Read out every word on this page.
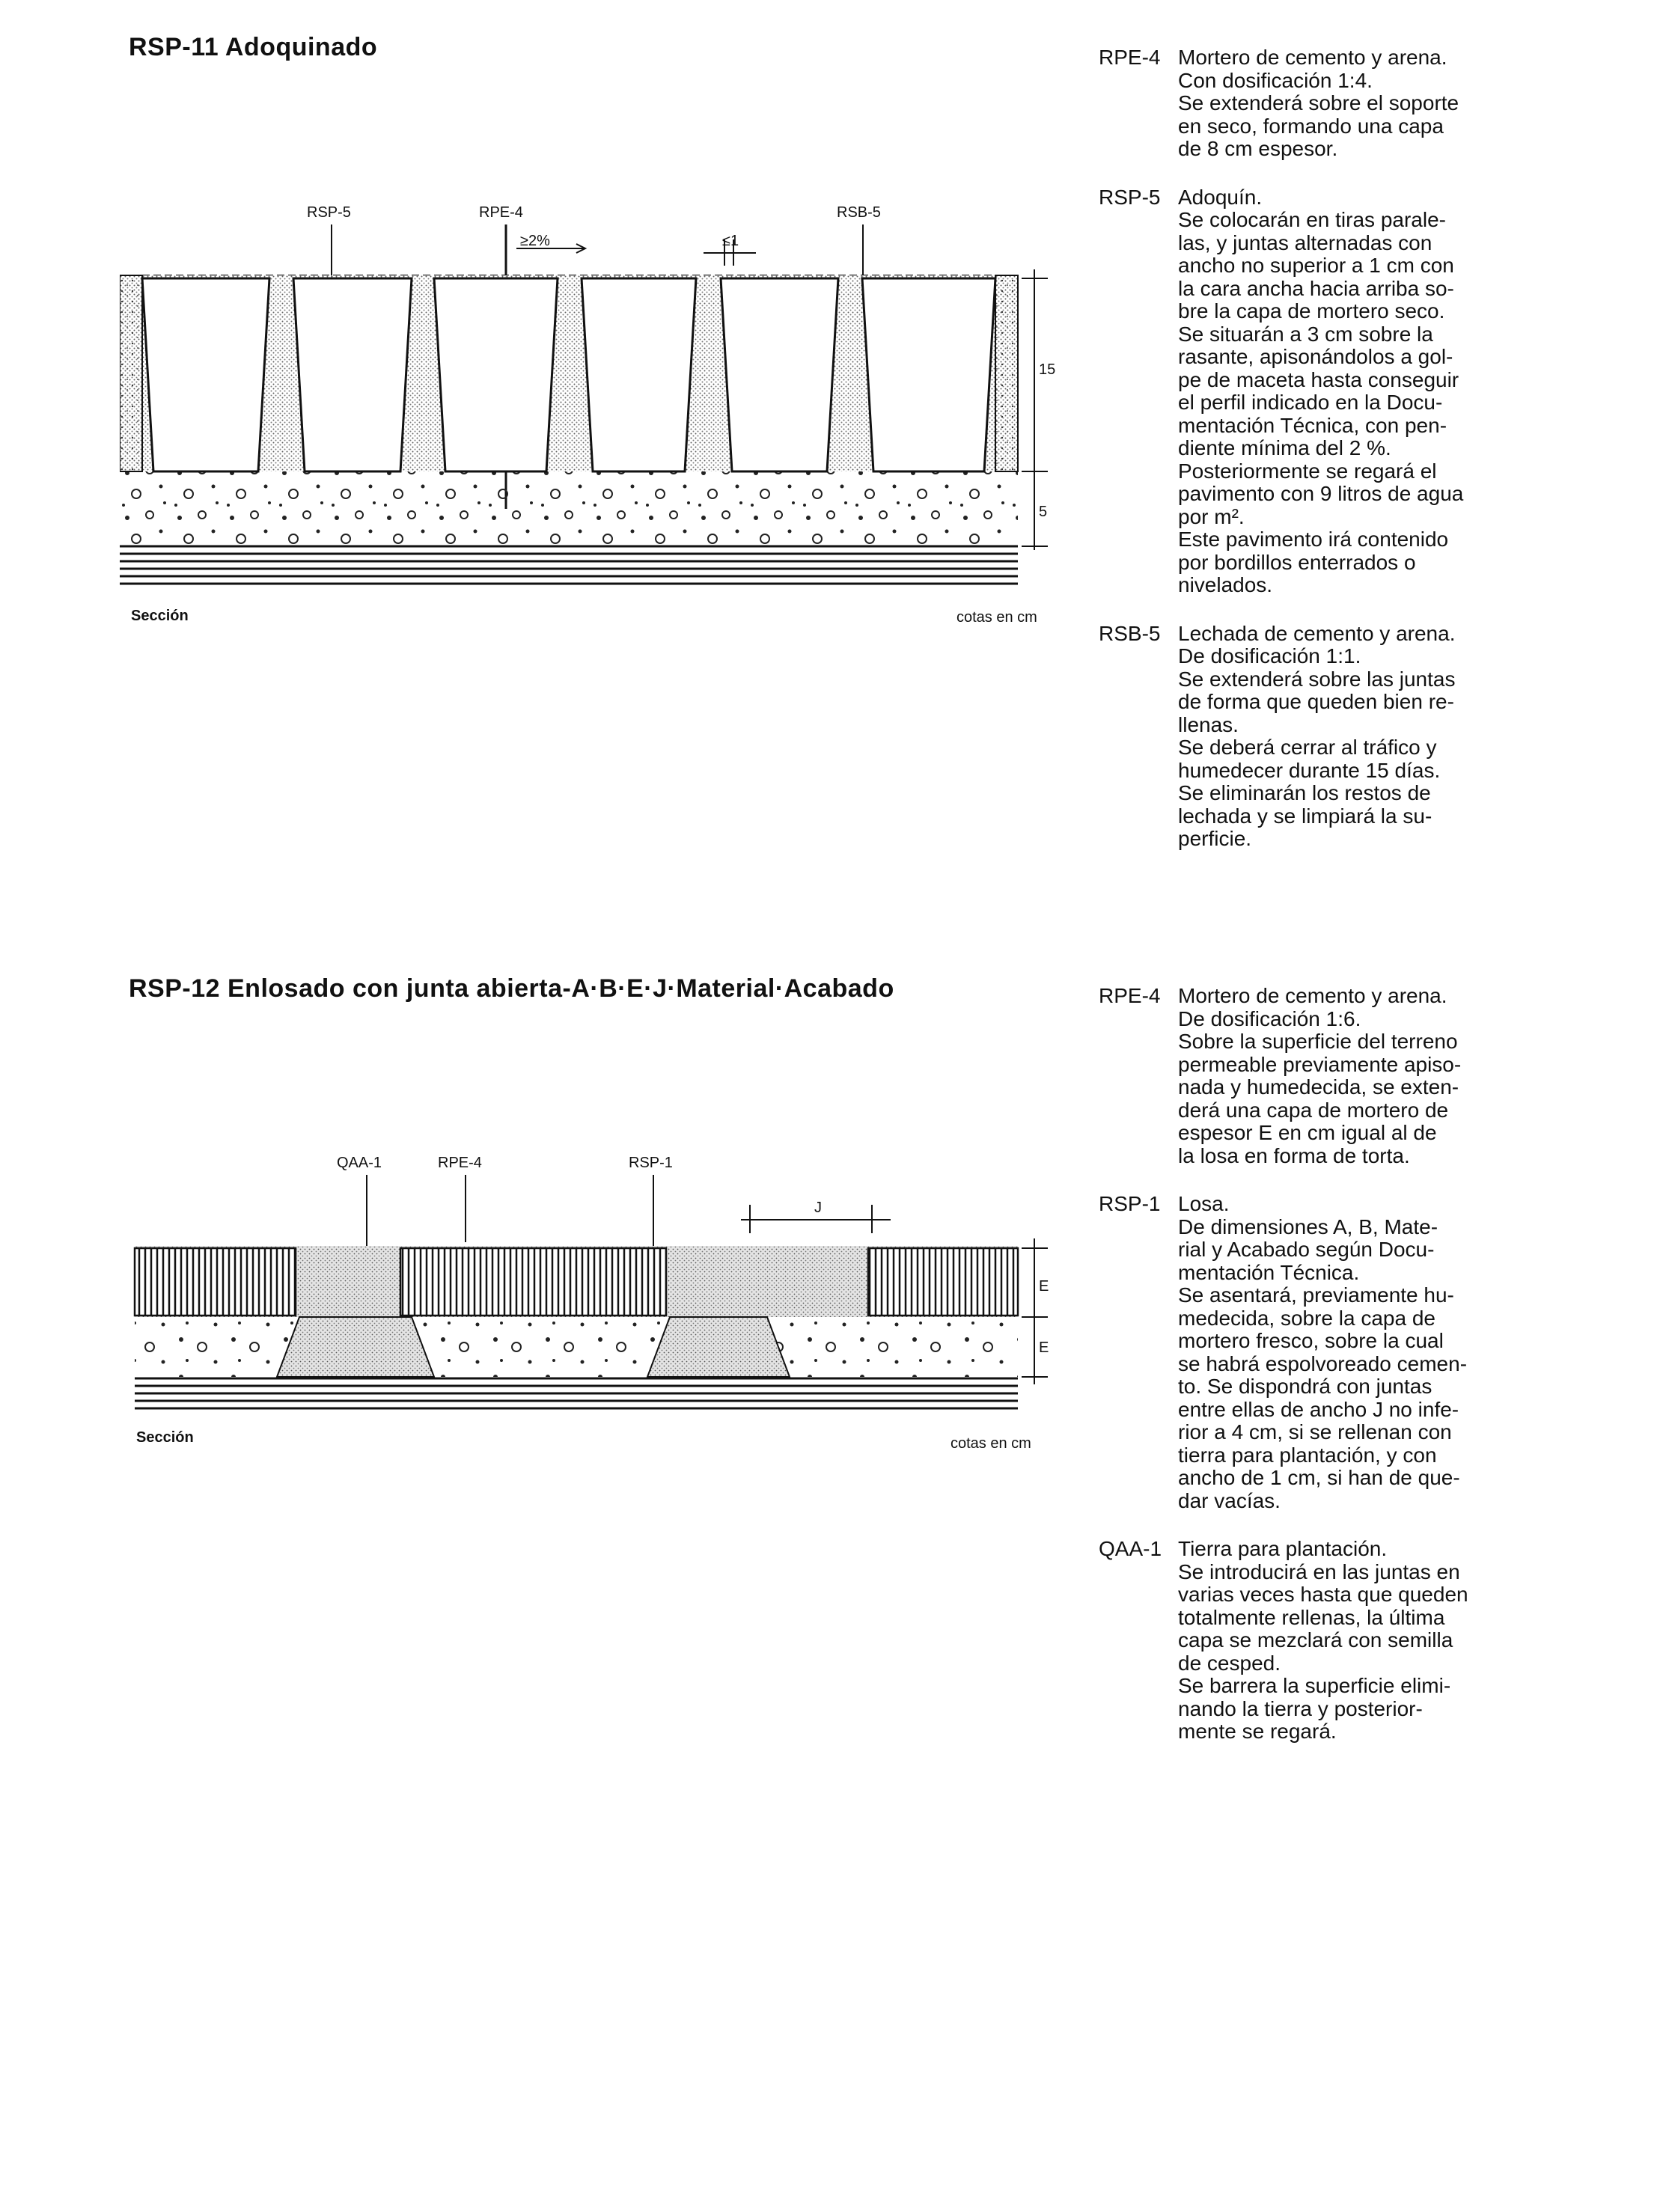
RSP-11 Adoquinado
RSP-5	RPE-4	RSB-5
≥2%	≤1
15
5
Sección	cotas en cm
RPE-4 Mortero de cemento y arena.
Con dosificación 1:4.
Se extenderá sobre el soporte
en seco, formando una capa
de 8 cm espesor.
RSP-5 Adoquín.
Se colocarán en tiras parale-
las, y juntas alternadas con
ancho no superior a 1 cm con
la cara ancha hacia arriba so-
bre la capa de mortero seco.
Se situarán a 3 cm sobre la
rasante, apisonándolos a gol-
pe de maceta hasta conseguir
el perfil indicado en la Docu-
mentación Técnica, con pen-
diente mínima del 2 %.
Posteriormente se regará el
pavimento con 9 litros de agua
por m².
Este pavimento irá contenido
por bordillos enterrados o
nivelados.
RSB-5 Lechada de cemento y arena.
De dosificación 1:1.
Se extenderá sobre las juntas
de forma que queden bien re-
llenas.
Se deberá cerrar al tráfico y
humedecer durante 15 días.
Se eliminarán los restos de
lechada y se limpiará la su-
perficie.
RSP-12 Enlosado con junta abierta-A·B·E·J·Material·Acabado
QAA-1	RPE-4	RSP-1
J
E
E
Sección	cotas en cm
RPE-4 Mortero de cemento y arena.
De dosificación 1:6.
Sobre la superficie del terreno
permeable previamente apiso-
nada y humedecida, se exten-
derá una capa de mortero de
espesor E en cm igual al de
la losa en forma de torta.
RSP-1 Losa.
De dimensiones A, B, Mate-
rial y Acabado según Docu-
mentación Técnica.
Se asentará, previamente hu-
medecida, sobre la capa de
mortero fresco, sobre la cual
se habrá espolvoreado cemen-
to. Se dispondrá con juntas
entre ellas de ancho J no infe-
rior a 4 cm, si se rellenan con
tierra para plantación, y con
ancho de 1 cm, si han de que-
dar vacías.
QAA-1 Tierra para plantación.
Se introducirá en las juntas en
varias veces hasta que queden
totalmente rellenas, la última
capa se mezclará con semilla
de cesped.
Se barrera la superficie elimi-
nando la tierra y posterior-
mente se regará.
